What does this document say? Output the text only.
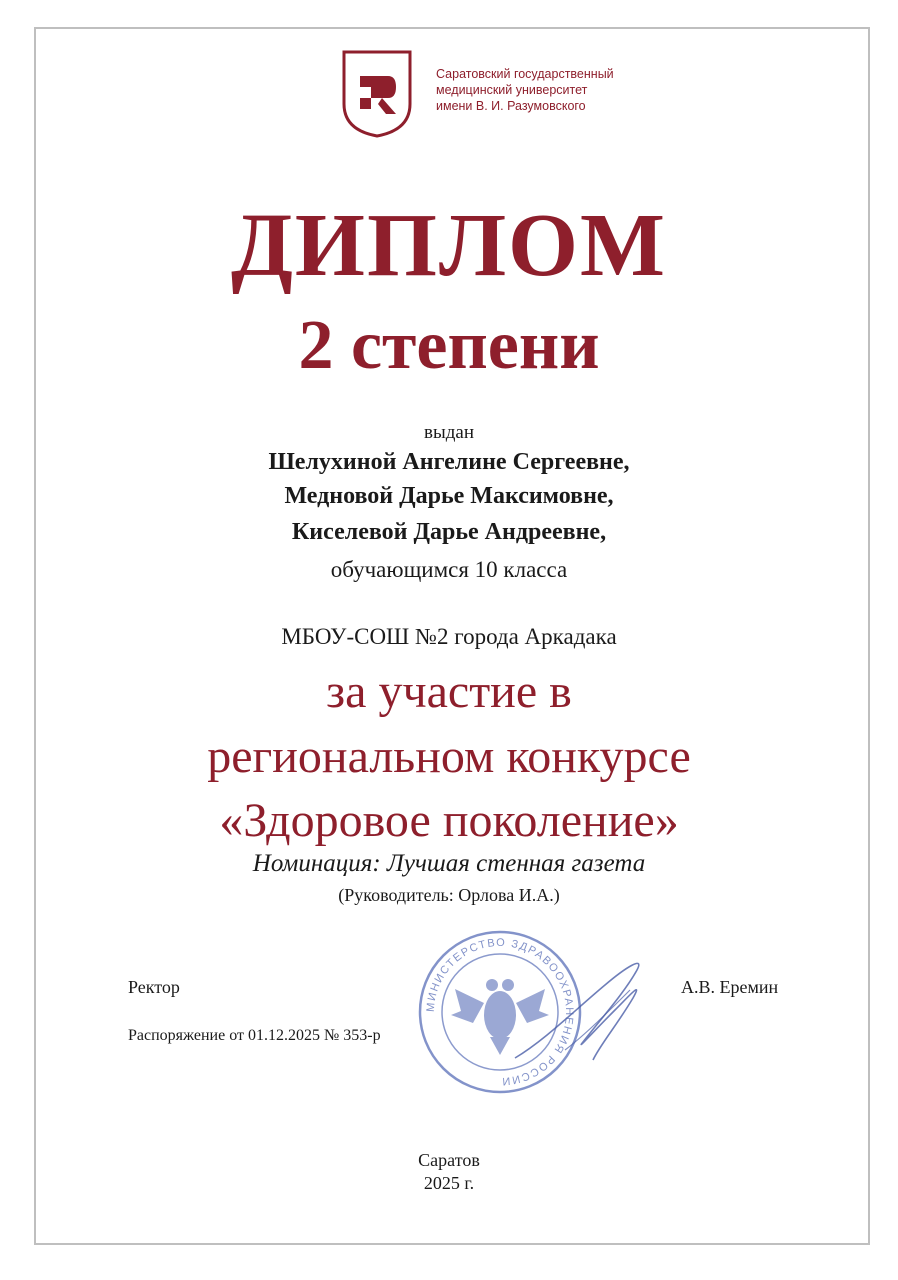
Саратовский государственный
медицинский университет
имени В. И. Разумовского
ДИПЛОМ
2 степени
выдан
Шелухиной Ангелине Сергеевне,
Медновой Дарье Максимовне,
Киселевой Дарье Андреевне,
обучающимся 10 класса
МБОУ-СОШ №2 города Аркадака
за участие в
региональном конкурсе
«Здоровое поколение»
Номинация: Лучшая стенная газета
(Руководитель: Орлова И.А.)
МИНИСТЕРСТВО ЗДРАВООХРАНЕНИЯ РОССИИ
Ректор	А.В. Еремин
Распоряжение от 01.12.2025 № 353-р
Саратов
2025 г.
